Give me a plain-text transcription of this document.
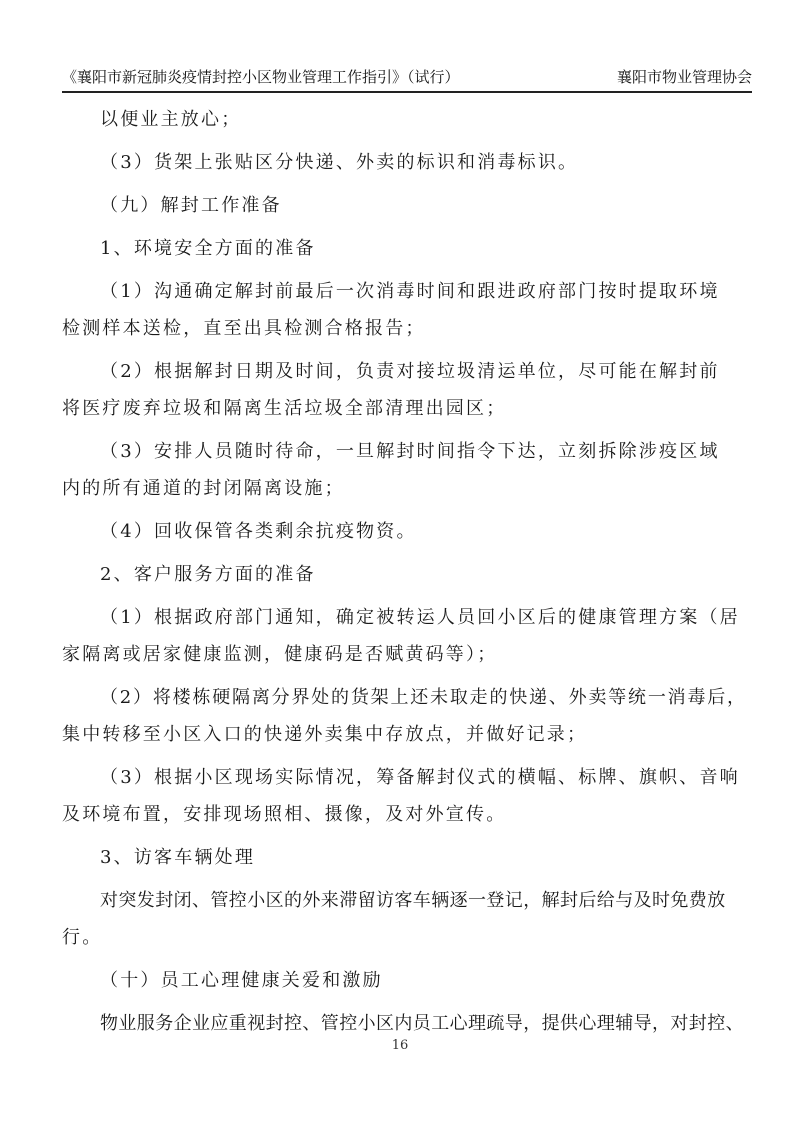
《襄阳市新冠肺炎疫情封控小区物业管理工作指引》（试行）	襄阳市物业管理协会
以便业主放心；
（3）货架上张贴区分快递、外卖的标识和消毒标识。
（九）解封工作准备
1、环境安全方面的准备
（1）沟通确定解封前最后一次消毒时间和跟进政府部门按时提取环境
检测样本送检，直至出具检测合格报告；
（2）根据解封日期及时间，负责对接垃圾清运单位，尽可能在解封前
将医疗废弃垃圾和隔离生活垃圾全部清理出园区；
（3）安排人员随时待命，一旦解封时间指令下达，立刻拆除涉疫区域
内的所有通道的封闭隔离设施；
（4）回收保管各类剩余抗疫物资。
2、客户服务方面的准备
（1）根据政府部门通知，确定被转运人员回小区后的健康管理方案（居
家隔离或居家健康监测，健康码是否赋黄码等）；
（2）将楼栋硬隔离分界处的货架上还未取走的快递、外卖等统一消毒后，
集中转移至小区入口的快递外卖集中存放点，并做好记录；
（3）根据小区现场实际情况，筹备解封仪式的横幅、标牌、旗帜、音响
及环境布置，安排现场照相、摄像，及对外宣传。
3、访客车辆处理
对突发封闭、管控小区的外来滞留访客车辆逐一登记，解封后给与及时免费放
行。
（十）员工心理健康关爱和激励
物业服务企业应重视封控、管控小区内员工心理疏导，提供心理辅导，对封控、
16
